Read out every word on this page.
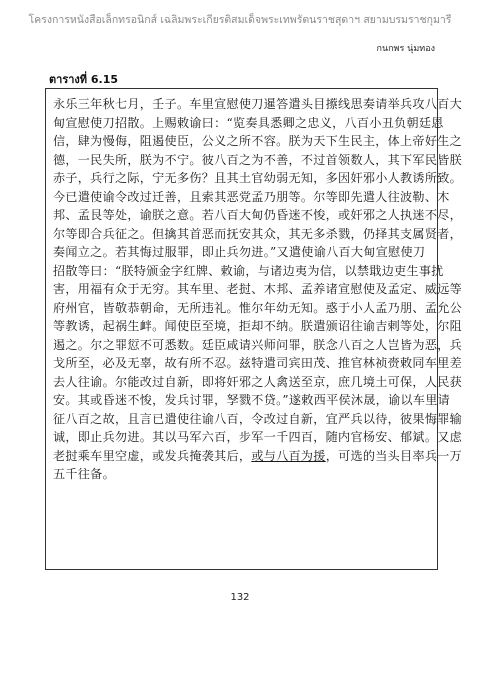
โครงการหนังสือเล็กทรอนิกส์ เฉลิมพระเกียรติสมเด็จพระเทพรัตนราชสุดาฯ สยามบรมราชกุมารี
กนกพร นุ่มทอง
ตารางที่ 6.15
永乐三年秋七月，壬子。车里宣慰使刀暹答遣头目攃线思奏请举兵攻八百大
甸宣慰使刀招散。上赐敕谕曰：“览奏具悉卿之忠义，八百小丑负朝廷恩
信，肆为慢侮，阻遏使臣，公义之所不容。朕为天下生民主，体上帝好生之
德，一民失所，朕为不宁。彼八百之为不善，不过首领数人，其下军民皆朕
赤子，兵行之际，宁无多伤？且其土官幼弱无知，多因奸邪小人教诱所致。
今已遣使谕令改过迁善，且索其恶党孟乃朋等。尔等即先遣人往波勒、木
邦、孟艮等处，谕朕之意。若八百大甸仍昏迷不悛，或奸邪之人执迷不尽，
尔等即合兵征之。但擒其首恶而抚安其众，其无多杀戮，仍择其支属贤者，
奏闻立之。若其悔过服罪，即止兵勿进。”又遣使谕八百大甸宣慰使刀
招散等曰：“朕特颁金字红牌、敕谕，与诸边夷为信，以禁戢边吏生事扰
害，用福有众于无穷。其车里、老挝、木邦、孟养诸宣慰使及孟定、威远等
府州官，皆敬恭朝命，无所违礼。惟尔年幼无知。惑于小人孟乃朋、孟允公
等教诱，起祸生衅。闻使臣至境，拒却不纳。朕遣颁诏往谕吉剌等处，尔阻
遏之。尔之罪愆不可悉数。廷臣咸请兴师问罪，朕念八百之人岂皆为恶，兵
戈所至，必及无辜，故有所不忍。兹特遣司宾田茂、推官林祯赍敕同车里差
去人往谕。尔能改过自新，即将奸邪之人禽送至京，庶几境土可保，人民获
安。其或昏迷不悛，发兵讨罪，孥戮不贷。”遂敕西平侯沐晟，谕以车里请
征八百之故，且言已遣使往谕八百，令改过自新，宜严兵以待，彼果悔罪输
诚，即止兵勿进。其以马军六百，步军一千四百，随内官杨安、郁斌。又虑
老挝乘车里空虚，或发兵掩袭其后，或与八百为援，可选的当头目率兵一万
五千往备。
132
